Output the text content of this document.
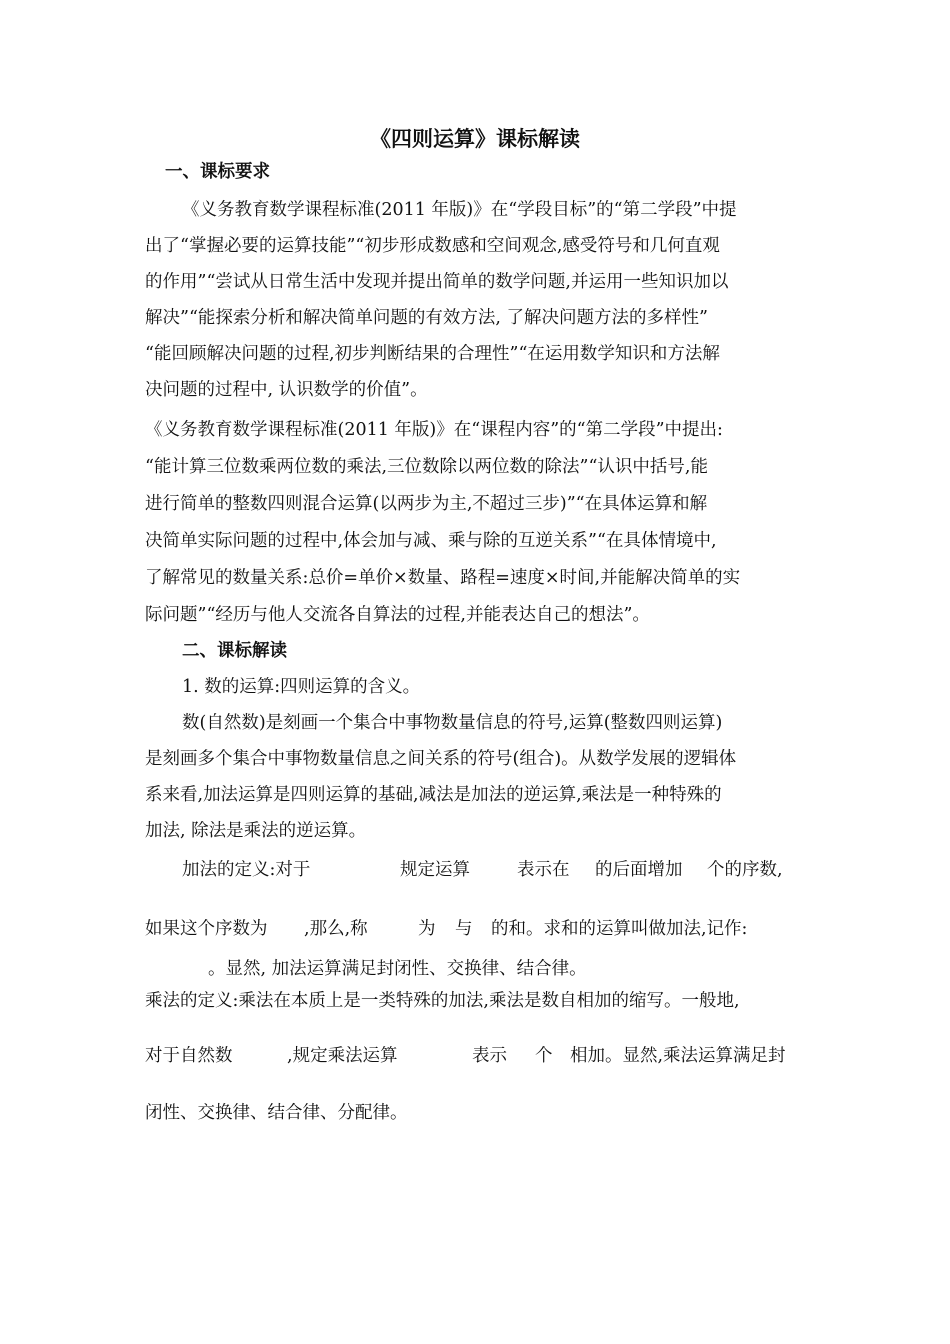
《四则运算》课标解读
一、课标要求
《义务教育数学课程标准(2011 年版)》在“学段目标”的“第二学段”中提
出了“掌握必要的运算技能”“初步形成数感和空间观念,感受符号和几何直观
的作用”“尝试从日常生活中发现并提出简单的数学问题,并运用一些知识加以
解决”“能探索分析和解决简单问题的有效方法, 了解决问题方法的多样性”
“能回顾解决问题的过程,初步判断结果的合理性”“在运用数学知识和方法解
决问题的过程中, 认识数学的价值”。
《义务教育数学课程标准(2011 年版)》在“课程内容”的“第二学段”中提出:
“能计算三位数乘两位数的乘法,三位数除以两位数的除法”“认识中括号,能
进行简单的整数四则混合运算(以两步为主,不超过三步)”“在具体运算和解
决简单实际问题的过程中,体会加与减、乘与除的互逆关系”“在具体情境中,
了解常见的数量关系:总价=单价×数量、路程=速度×时间,并能解决简单的实
际问题”“经历与他人交流各自算法的过程,并能表达自己的想法”。
二、课标解读
1. 数的运算:四则运算的含义。
数(自然数)是刻画一个集合中事物数量信息的符号,运算(整数四则运算)
是刻画多个集合中事物数量信息之间关系的符号(组合)。从数学发展的逻辑体
系来看,加法运算是四则运算的基础,减法是加法的逆运算,乘法是一种特殊的
加法, 除法是乘法的逆运算。
加法的定义:对于	规定运算	表示在 的后面增加 个的序数,
如果这个序数为 ,那么,称	为 与 的和。求和的运算叫做加法,记作:
。显然, 加法运算满足封闭性、交换律、结合律。
乘法的定义:乘法在本质上是一类特殊的加法,乘法是数自相加的缩写。一般地,
对于自然数	,规定乘法运算	表示 个 相加。显然,乘法运算满足封
闭性、交换律、结合律、分配律。
